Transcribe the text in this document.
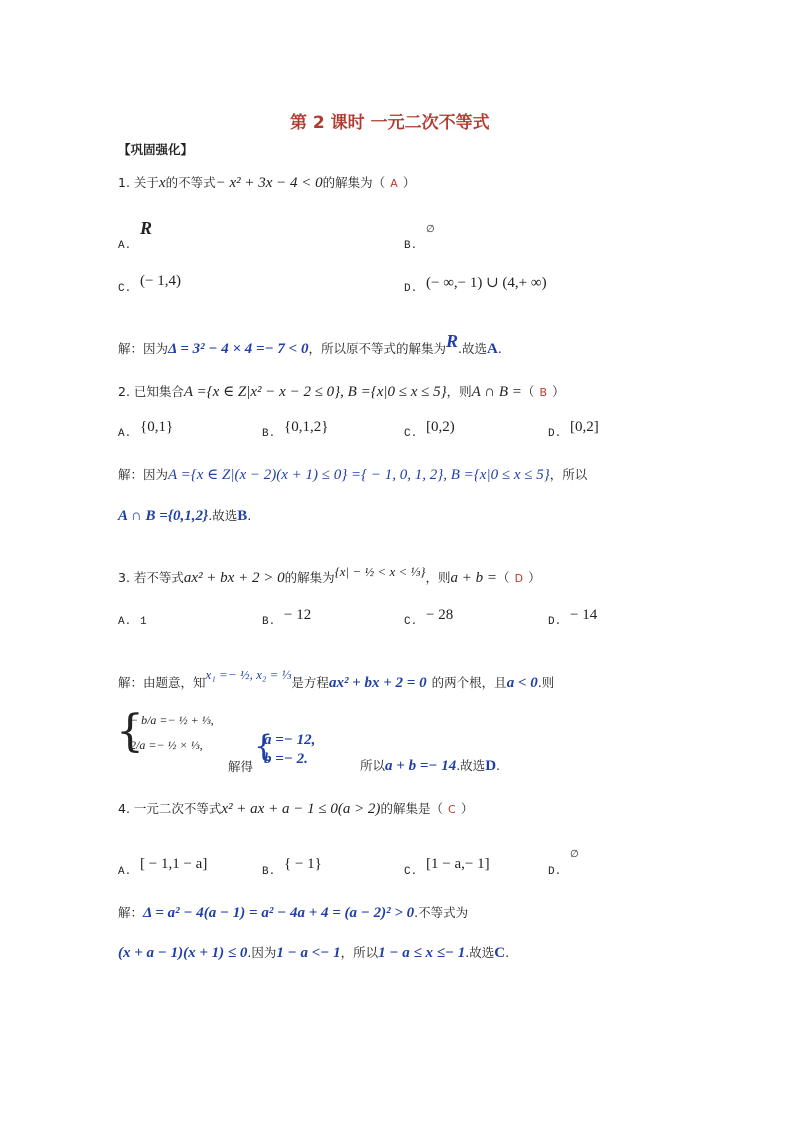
第 2 课时 一元二次不等式
【巩固强化】
1. 关于x的不等式− x² + 3x − 4 < 0的解集为（ A ）
A.
R
B.
∅
C. (− 1,4)	D. (− ∞,− 1) ∪ (4,+ ∞)
解：因为Δ = 3² − 4 × 4 =− 7 < 0，所以原不等式的解集为R.故选A.
2. 已知集合A ={x ∈ Z|x² − x − 2 ≤ 0}, B ={x|0 ≤ x ≤ 5}，则A ∩ B =（ B ）
A. {0,1}	B. {0,1,2}	C. [0,2)	D. [0,2]
解：因为A ={x ∈ Z|(x − 2)(x + 1) ≤ 0} ={ − 1, 0, 1, 2}, B ={x|0 ≤ x ≤ 5}，所以
A ∩ B ={0,1,2}.故选B.
3. 若不等式ax² + bx + 2 > 0的解集为$^{\{x| - \frac{1}{2} < x < \frac{1}{3}\}}$，则a + b =（ D ）
A. 1	B. − 12	C. − 28	D. − 14
解：由题意，知$^{x_1 =- \frac{1}{2}, x_2 = \frac{1}{3}}$是方程ax² + bx + 2 = 0 的两个根，且a < 0.则
{
− b/a =− ½ + ⅓,
2/a =− ½ × ⅓,
解得
{
a =− 12,
b =− 2.	所以a + b =− 14.故选D.
4. 一元二次不等式x² + ax + a − 1 ≤ 0(a > 2)的解集是（ C ）
A. [ − 1,1 − a]	B. { − 1}	C. [1 − a,− 1]	D.
∅
解：Δ = a² − 4(a − 1) = a² − 4a + 4 = (a − 2)² > 0.不等式为
(x + a − 1)(x + 1) ≤ 0.因为1 − a <− 1，所以1 − a ≤ x ≤− 1.故选C.
